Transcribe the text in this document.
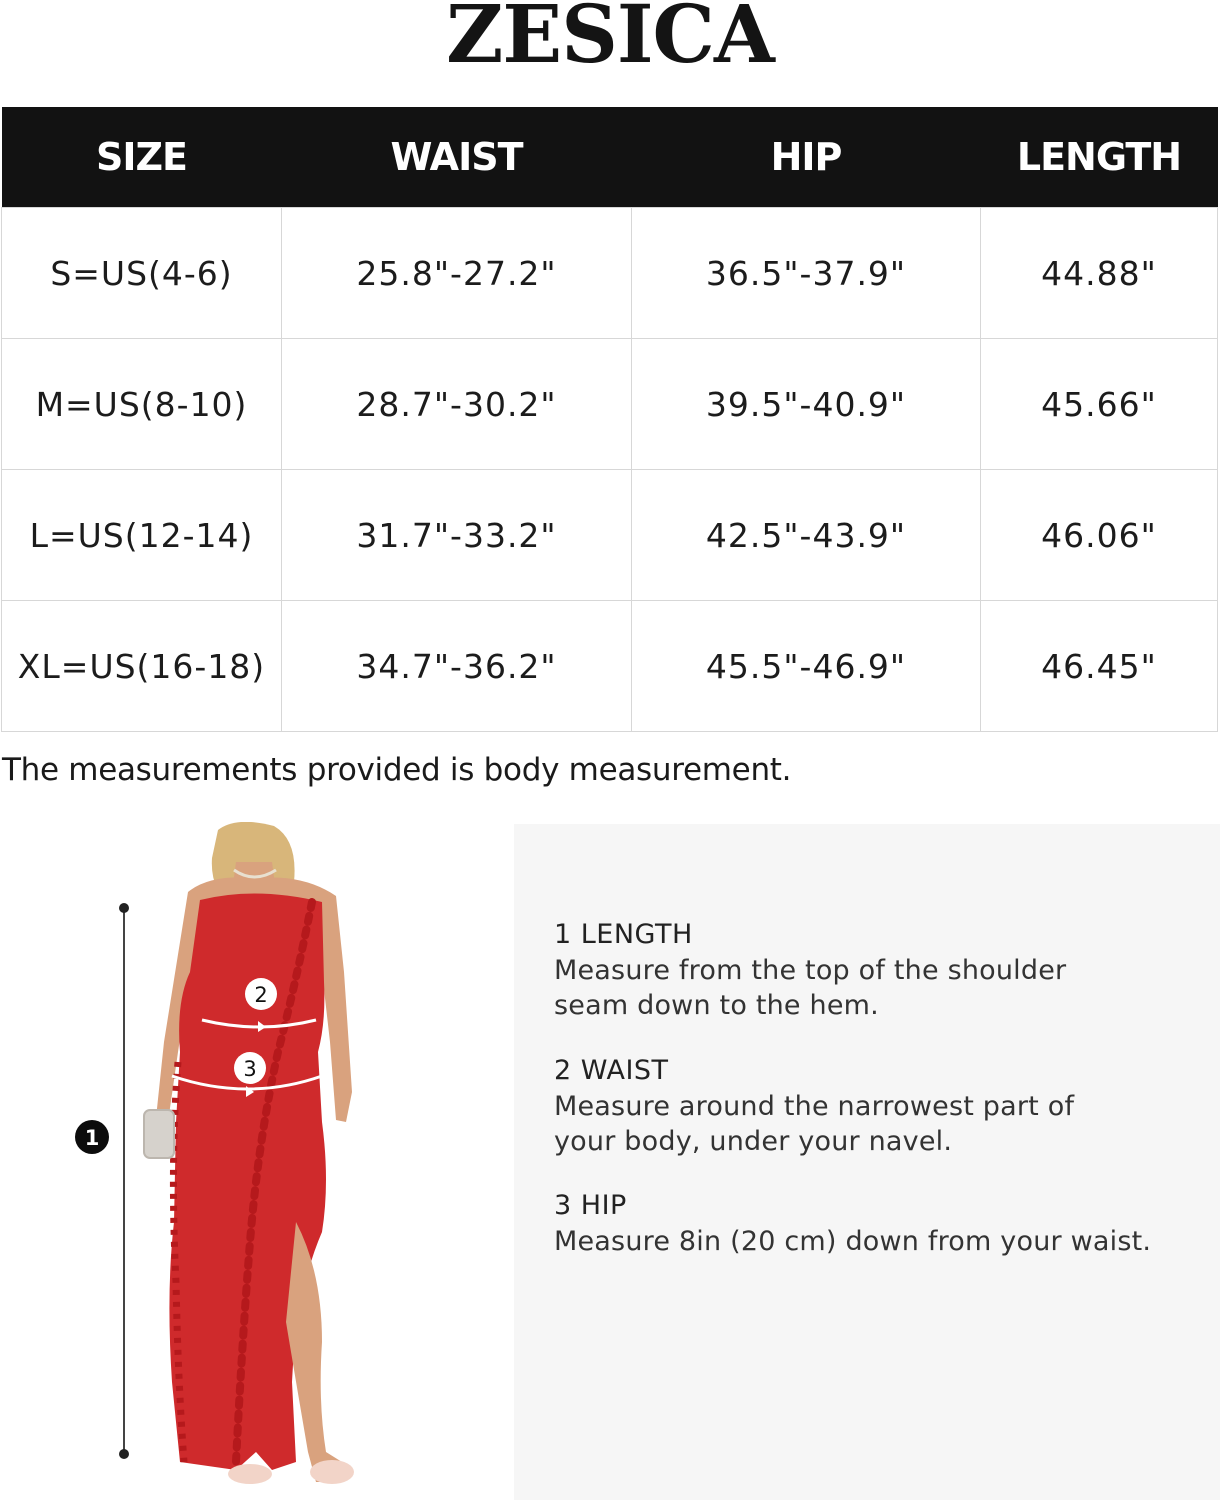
ZESICA
SIZE	WAIST	HIP	LENGTH
S=US(4-6)	25.8"-27.2"	36.5"-37.9"	44.88"
M=US(8-10)	28.7"-30.2"	39.5"-40.9"	45.66"
L=US(12-14)	31.7"-33.2"	42.5"-43.9"	46.06"
XL=US(16-18)	34.7"-36.2"	45.5"-46.9"	46.45"
The measurements provided is body measurement.
2
3
1
1 LENGTH
Measure from the top of the shoulder
seam down to the hem.
2 WAIST
Measure around the narrowest part of
your body, under your navel.
3 HIP
Measure 8in (20 cm) down from your waist.
